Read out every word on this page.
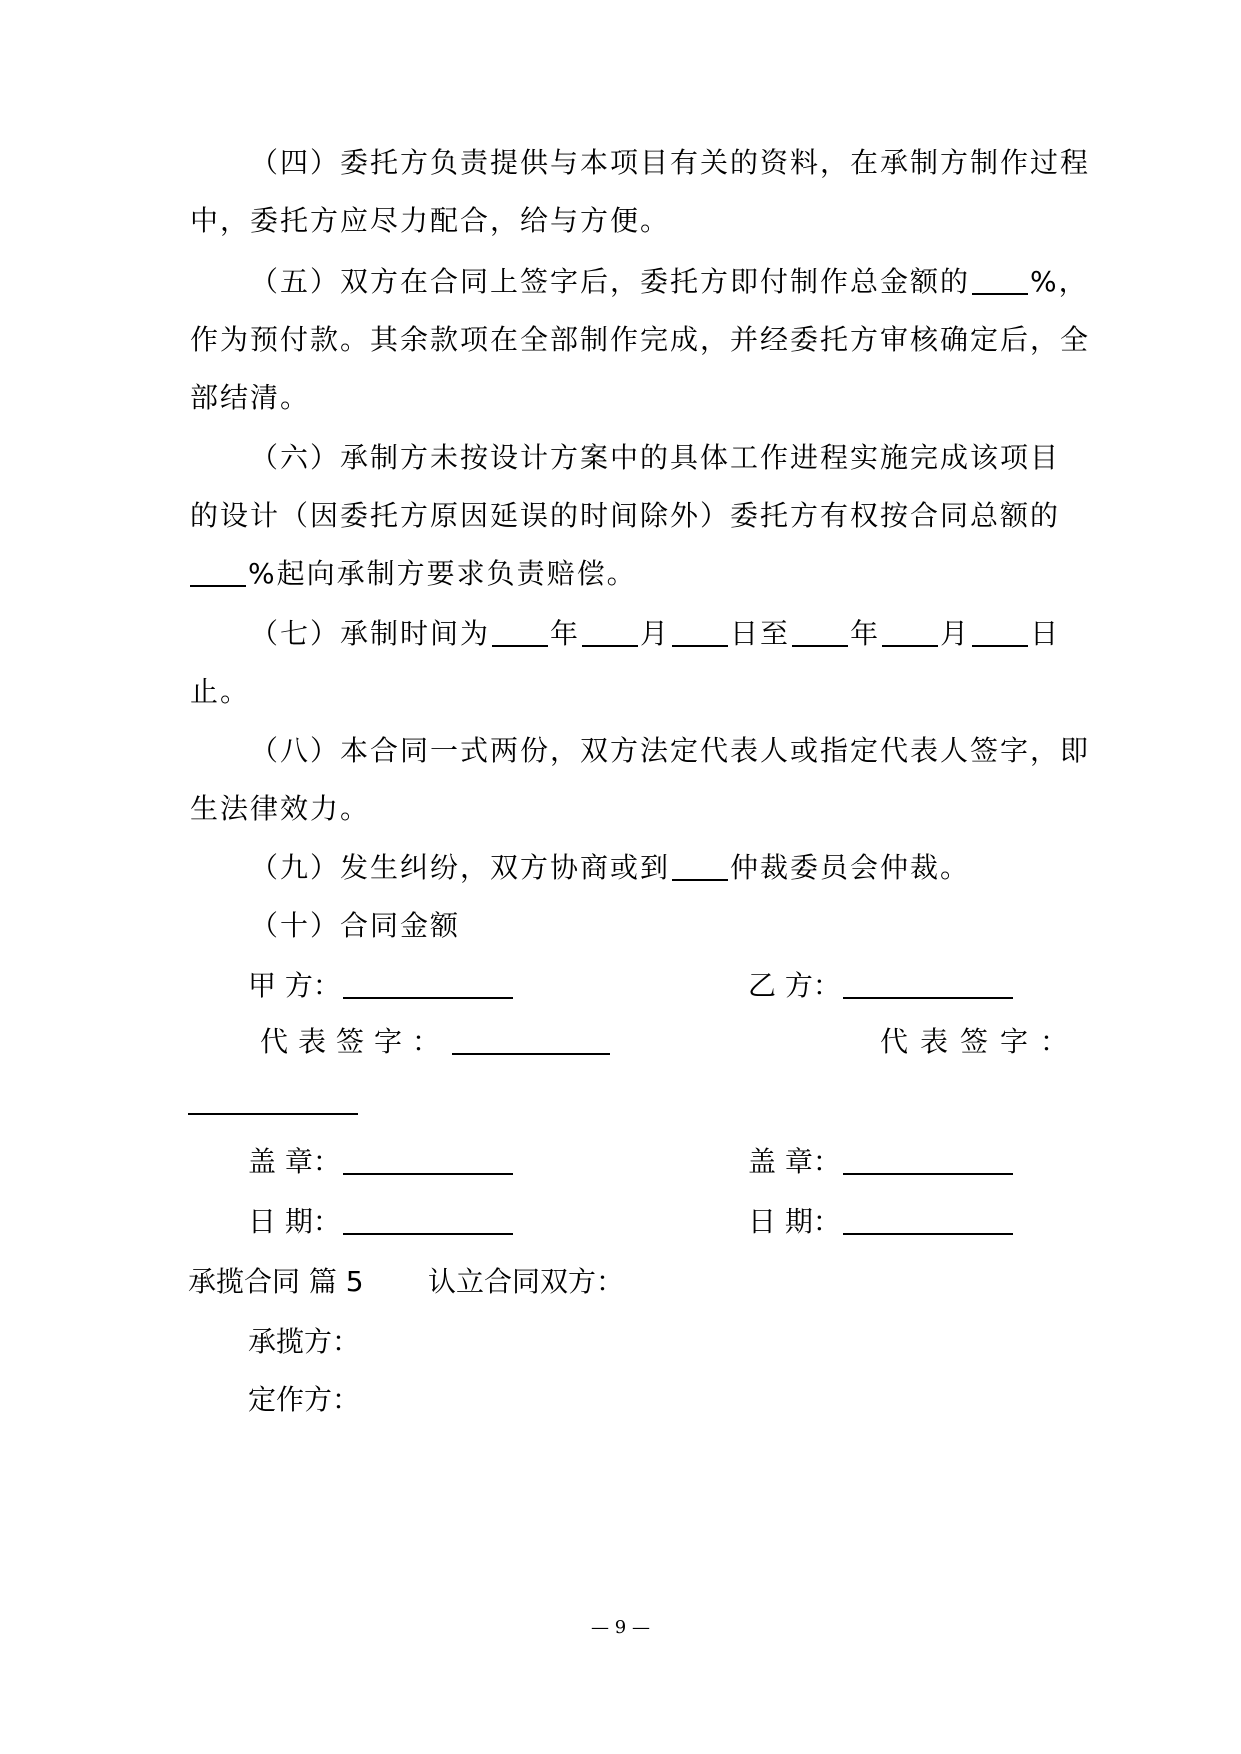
（四）委托方负责提供与本项目有关的资料，在承制方制作过程
中，委托方应尽力配合，给与方便。
（五）双方在合同上签字后，委托方即付制作总金额的 %，
作为预付款。其余款项在全部制作完成，并经委托方审核确定后，全
部结清。
（六）承制方未按设计方案中的具体工作进程实施完成该项目
的设计（因委托方原因延误的时间除外）委托方有权按合同总额的
%起向承制方要求负责赔偿。
（七）承制时间为 年 月 日至 年 月 日
止。
（八）本合同一式两份，双方法定代表人或指定代表人签字，即
生法律效力。
（九）发生纠纷，双方协商或到 仲裁委员会仲裁。
（十）合同金额
甲 方：	乙 方：
代表签字：	代表签字：
盖 章：	盖 章：
日 期：	日 期：
承揽合同 篇 5 认立合同双方：
承揽方：
定作方：
— 9 —
